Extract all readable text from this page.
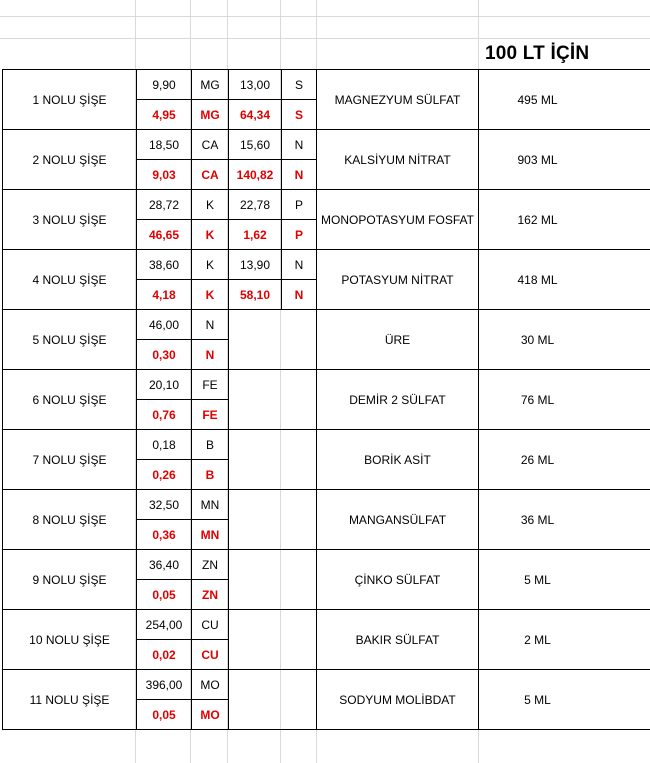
100 LT İÇİN
1 NOLU ŞİŞE	9,90	MG	13,00	S	MAGNEZYUM SÜLFAT	495 ML
	4,95	MG	64,34	S		
2 NOLU ŞİŞE	18,50	CA	15,60	N	KALSİYUM NİTRAT	903 ML
	9,03	CA	140,82	N		
3 NOLU ŞİŞE	28,72	K	22,78	P	MONOPOTASYUM FOSFAT	162 ML
	46,65	K	1,62	P		
4 NOLU ŞİŞE	38,60	K	13,90	N	POTASYUM NİTRAT	418 ML
	4,18	K	58,10	N		
5 NOLU ŞİŞE	46,00	N			ÜRE	30 ML
	0,30	N				
6 NOLU ŞİŞE	20,10	FE			DEMİR 2 SÜLFAT	76 ML
	0,76	FE				
7 NOLU ŞİŞE	0,18	B			BORİK ASİT	26 ML
	0,26	B				
8 NOLU ŞİŞE	32,50	MN			MANGANSÜLFAT	36 ML
	0,36	MN				
9 NOLU ŞİŞE	36,40	ZN			ÇİNKO SÜLFAT	5 ML
	0,05	ZN				
10 NOLU ŞİŞE	254,00	CU			BAKIR SÜLFAT	2 ML
	0,02	CU				
11 NOLU ŞİŞE	396,00	MO			SODYUM MOLİBDAT	5 ML
	0,05	MO				
